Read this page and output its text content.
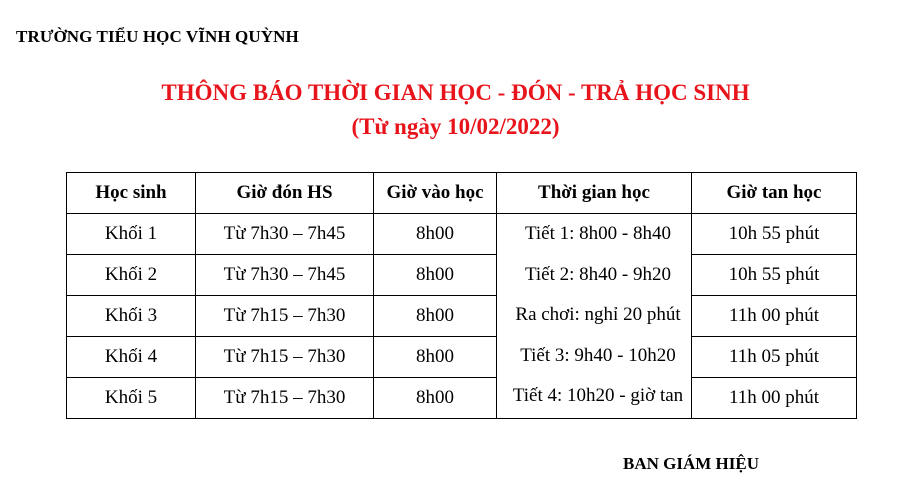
TRƯỜNG TIỂU HỌC VĨNH QUỲNH
THÔNG BÁO THỜI GIAN HỌC - ĐÓN - TRẢ HỌC SINH
(Từ ngày 10/02/2022)
Học sinh	Giờ đón HS	Giờ vào học	Thời gian học	Giờ tan học
Khối 1	Từ 7h30 – 7h45	8h00	Tiết 1: 8h00 - 8h40
Tiết 2: 8h40 - 9h20
Ra chơi: nghỉ 20 phút
Tiết 3: 9h40 - 10h20
Tiết 4: 10h20 - giờ tan	10h 55 phút
Khối 2	Từ 7h30 – 7h45	8h00		10h 55 phút
Khối 3	Từ 7h15 – 7h30	8h00		11h 00 phút
Khối 4	Từ 7h15 – 7h30	8h00		11h 05 phút
Khối 5	Từ 7h15 – 7h30	8h00		11h 00 phút
BAN GIÁM HIỆU
